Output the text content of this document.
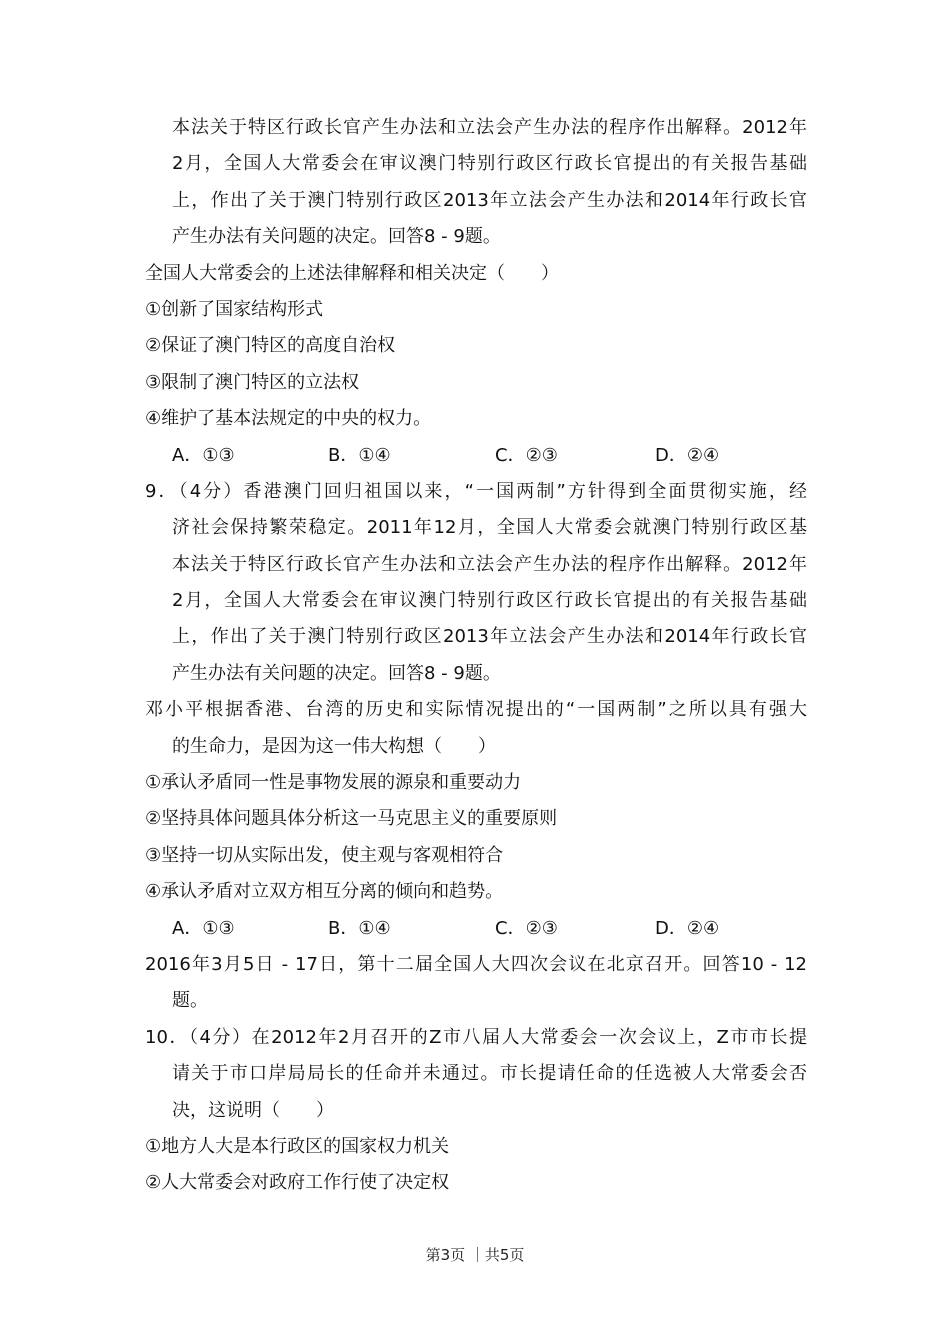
本法关于特区行政长官产生办法和立法会产生办法的程序作出解释。2012年
2月，全国人大常委会在审议澳门特别行政区行政长官提出的有关报告基础
上，作出了关于澳门特别行政区2013年立法会产生办法和2014年行政长官
产生办法有关问题的决定。回答8 - 9题。
全国人大常委会的上述法律解释和相关决定（　　）
①创新了国家结构形式
②保证了澳门特区的高度自治权
③限制了澳门特区的立法权
④维护了基本法规定的中央的权力。
A．①③	B．①④	C．②③	D．②④
9．（4分）香港澳门回归祖国以来，“一国两制”方针得到全面贯彻实施，经
济社会保持繁荣稳定。2011年12月，全国人大常委会就澳门特别行政区基
本法关于特区行政长官产生办法和立法会产生办法的程序作出解释。2012年
2月，全国人大常委会在审议澳门特别行政区行政长官提出的有关报告基础
上，作出了关于澳门特别行政区2013年立法会产生办法和2014年行政长官
产生办法有关问题的决定。回答8 - 9题。
邓小平根据香港、台湾的历史和实际情况提出的“一国两制”之所以具有强大
的生命力，是因为这一伟大构想（　　）
①承认矛盾同一性是事物发展的源泉和重要动力
②坚持具体问题具体分析这一马克思主义的重要原则
③坚持一切从实际出发，使主观与客观相符合
④承认矛盾对立双方相互分离的倾向和趋势。
A．①③	B．①④	C．②③	D．②④
2016年3月5日 - 17日，第十二届全国人大四次会议在北京召开。回答10 - 12
题。
10．（4分）在2012年2月召开的Z市八届人大常委会一次会议上，Z市市长提
请关于市口岸局局长的任命并未通过。市长提请任命的任选被人大常委会否
决，这说明（　　）
①地方人大是本行政区的国家权力机关
②人大常委会对政府工作行使了决定权
第3页 ｜共5页
